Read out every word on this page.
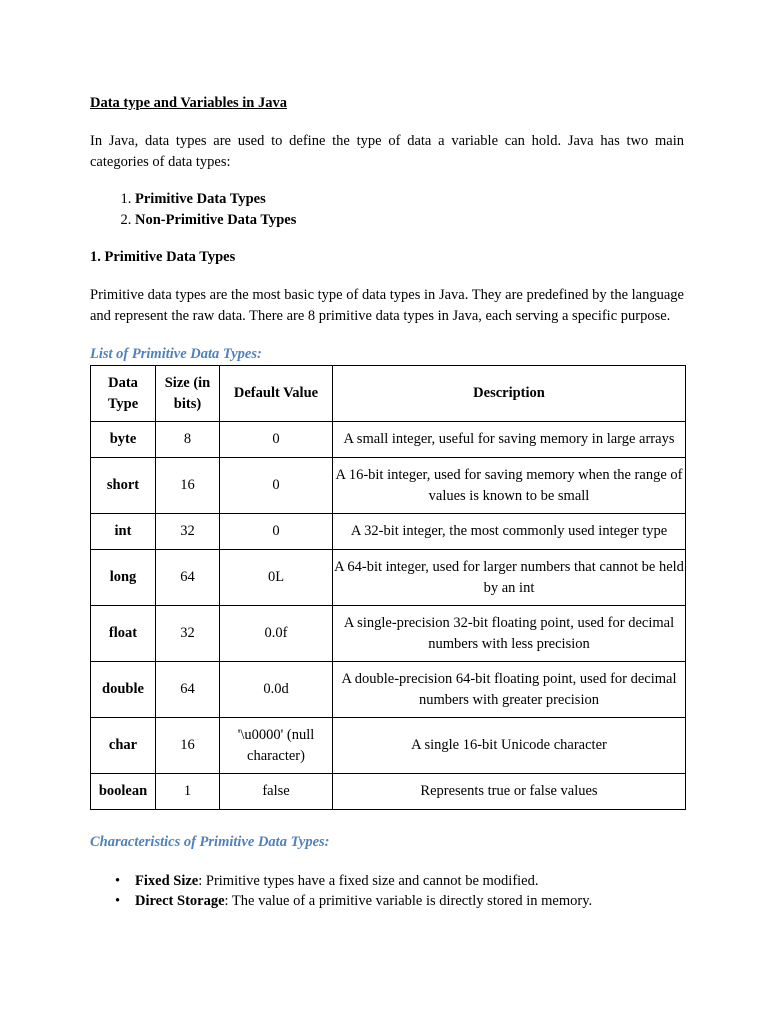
Data type and Variables in Java

In Java, data types are used to define the type of data a variable can hold. Java has two main categories of data types:

1. Primitive Data Types
2. Non-Primitive Data Types

1. Primitive Data Types

Primitive data types are the most basic type of data types in Java. They are predefined by the language and represent the raw data. There are 8 primitive data types in Java, each serving a specific purpose.

List of Primitive Data Types:

Data Type	Size (in bits)	Default Value	Description
byte	8	0	A small integer, useful for saving memory in large arrays
short	16	0	A 16-bit integer, used for saving memory when the range of values is known to be small
int	32	0	A 32-bit integer, the most commonly used integer type
long	64	0L	A 64-bit integer, used for larger numbers that cannot be held by an int
float	32	0.0f	A single-precision 32-bit floating point, used for decimal numbers with less precision
double	64	0.0d	A double-precision 64-bit floating point, used for decimal numbers with greater precision
char	16	'\u0000' (null character)	A single 16-bit Unicode character
boolean	1	false	Represents true or false values

Characteristics of Primitive Data Types:

• Fixed Size: Primitive types have a fixed size and cannot be modified.
• Direct Storage: The value of a primitive variable is directly stored in memory.
